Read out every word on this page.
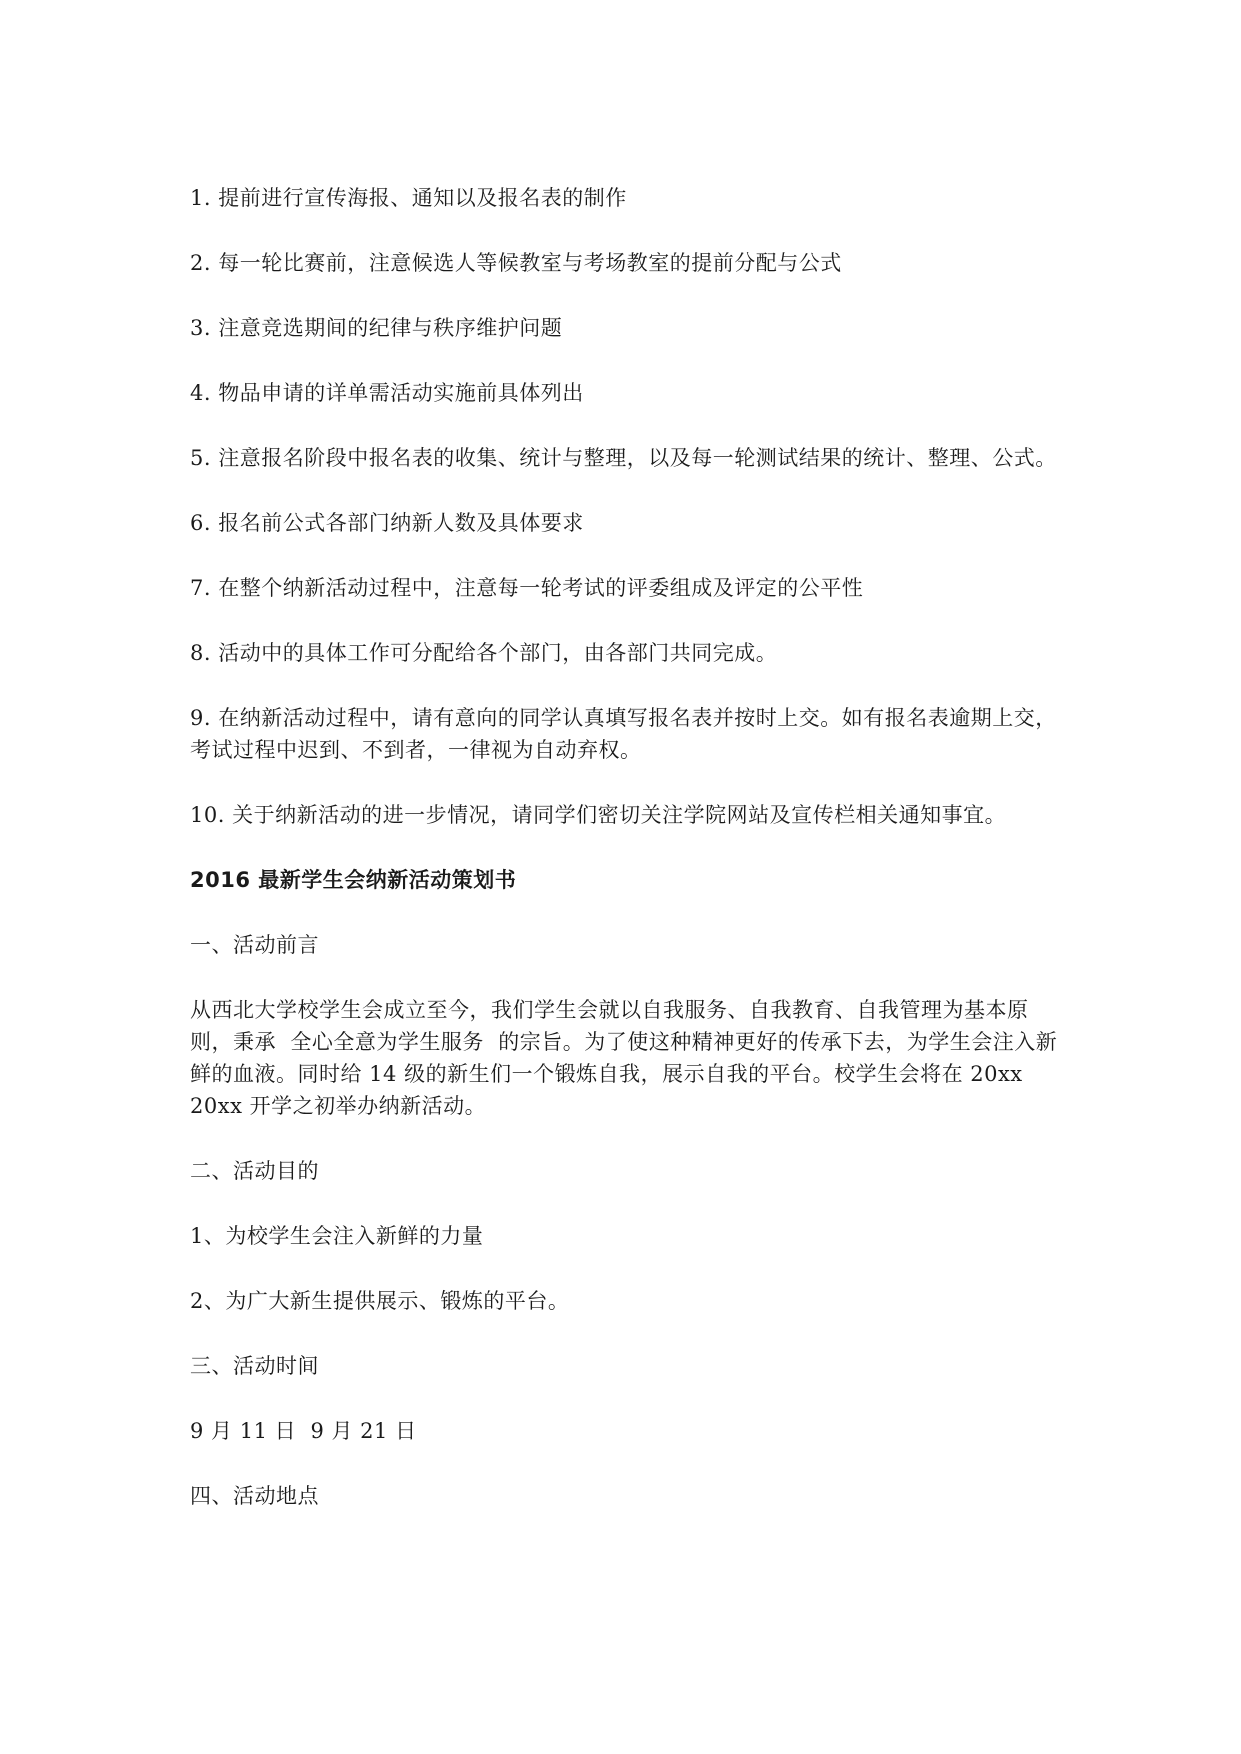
1. 提前进行宣传海报、通知以及报名表的制作

2. 每一轮比赛前，注意候选人等候教室与考场教室的提前分配与公式

3. 注意竞选期间的纪律与秩序维护问题

4. 物品申请的详单需活动实施前具体列出

5. 注意报名阶段中报名表的收集、统计与整理，以及每一轮测试结果的统计、整理、公式。

6. 报名前公式各部门纳新人数及具体要求

7. 在整个纳新活动过程中，注意每一轮考试的评委组成及评定的公平性

8. 活动中的具体工作可分配给各个部门，由各部门共同完成。

9. 在纳新活动过程中，请有意向的同学认真填写报名表并按时上交。如有报名表逾期上交，考试过程中迟到、不到者，一律视为自动弃权。

10. 关于纳新活动的进一步情况，请同学们密切关注学院网站及宣传栏相关通知事宜。

2016 最新学生会纳新活动策划书

一、活动前言

从西北大学校学生会成立至今，我们学生会就以自我服务、自我教育、自我管理为基本原则，秉承  全心全意为学生服务  的宗旨。为了使这种精神更好的传承下去，为学生会注入新鲜的血液。同时给 14 级的新生们一个锻炼自我，展示自我的平台。校学生会将在 20xx  20xx 开学之初举办纳新活动。

二、活动目的

1、为校学生会注入新鲜的力量

2、为广大新生提供展示、锻炼的平台。

三、活动时间

9 月 11 日  9 月 21 日

四、活动地点
